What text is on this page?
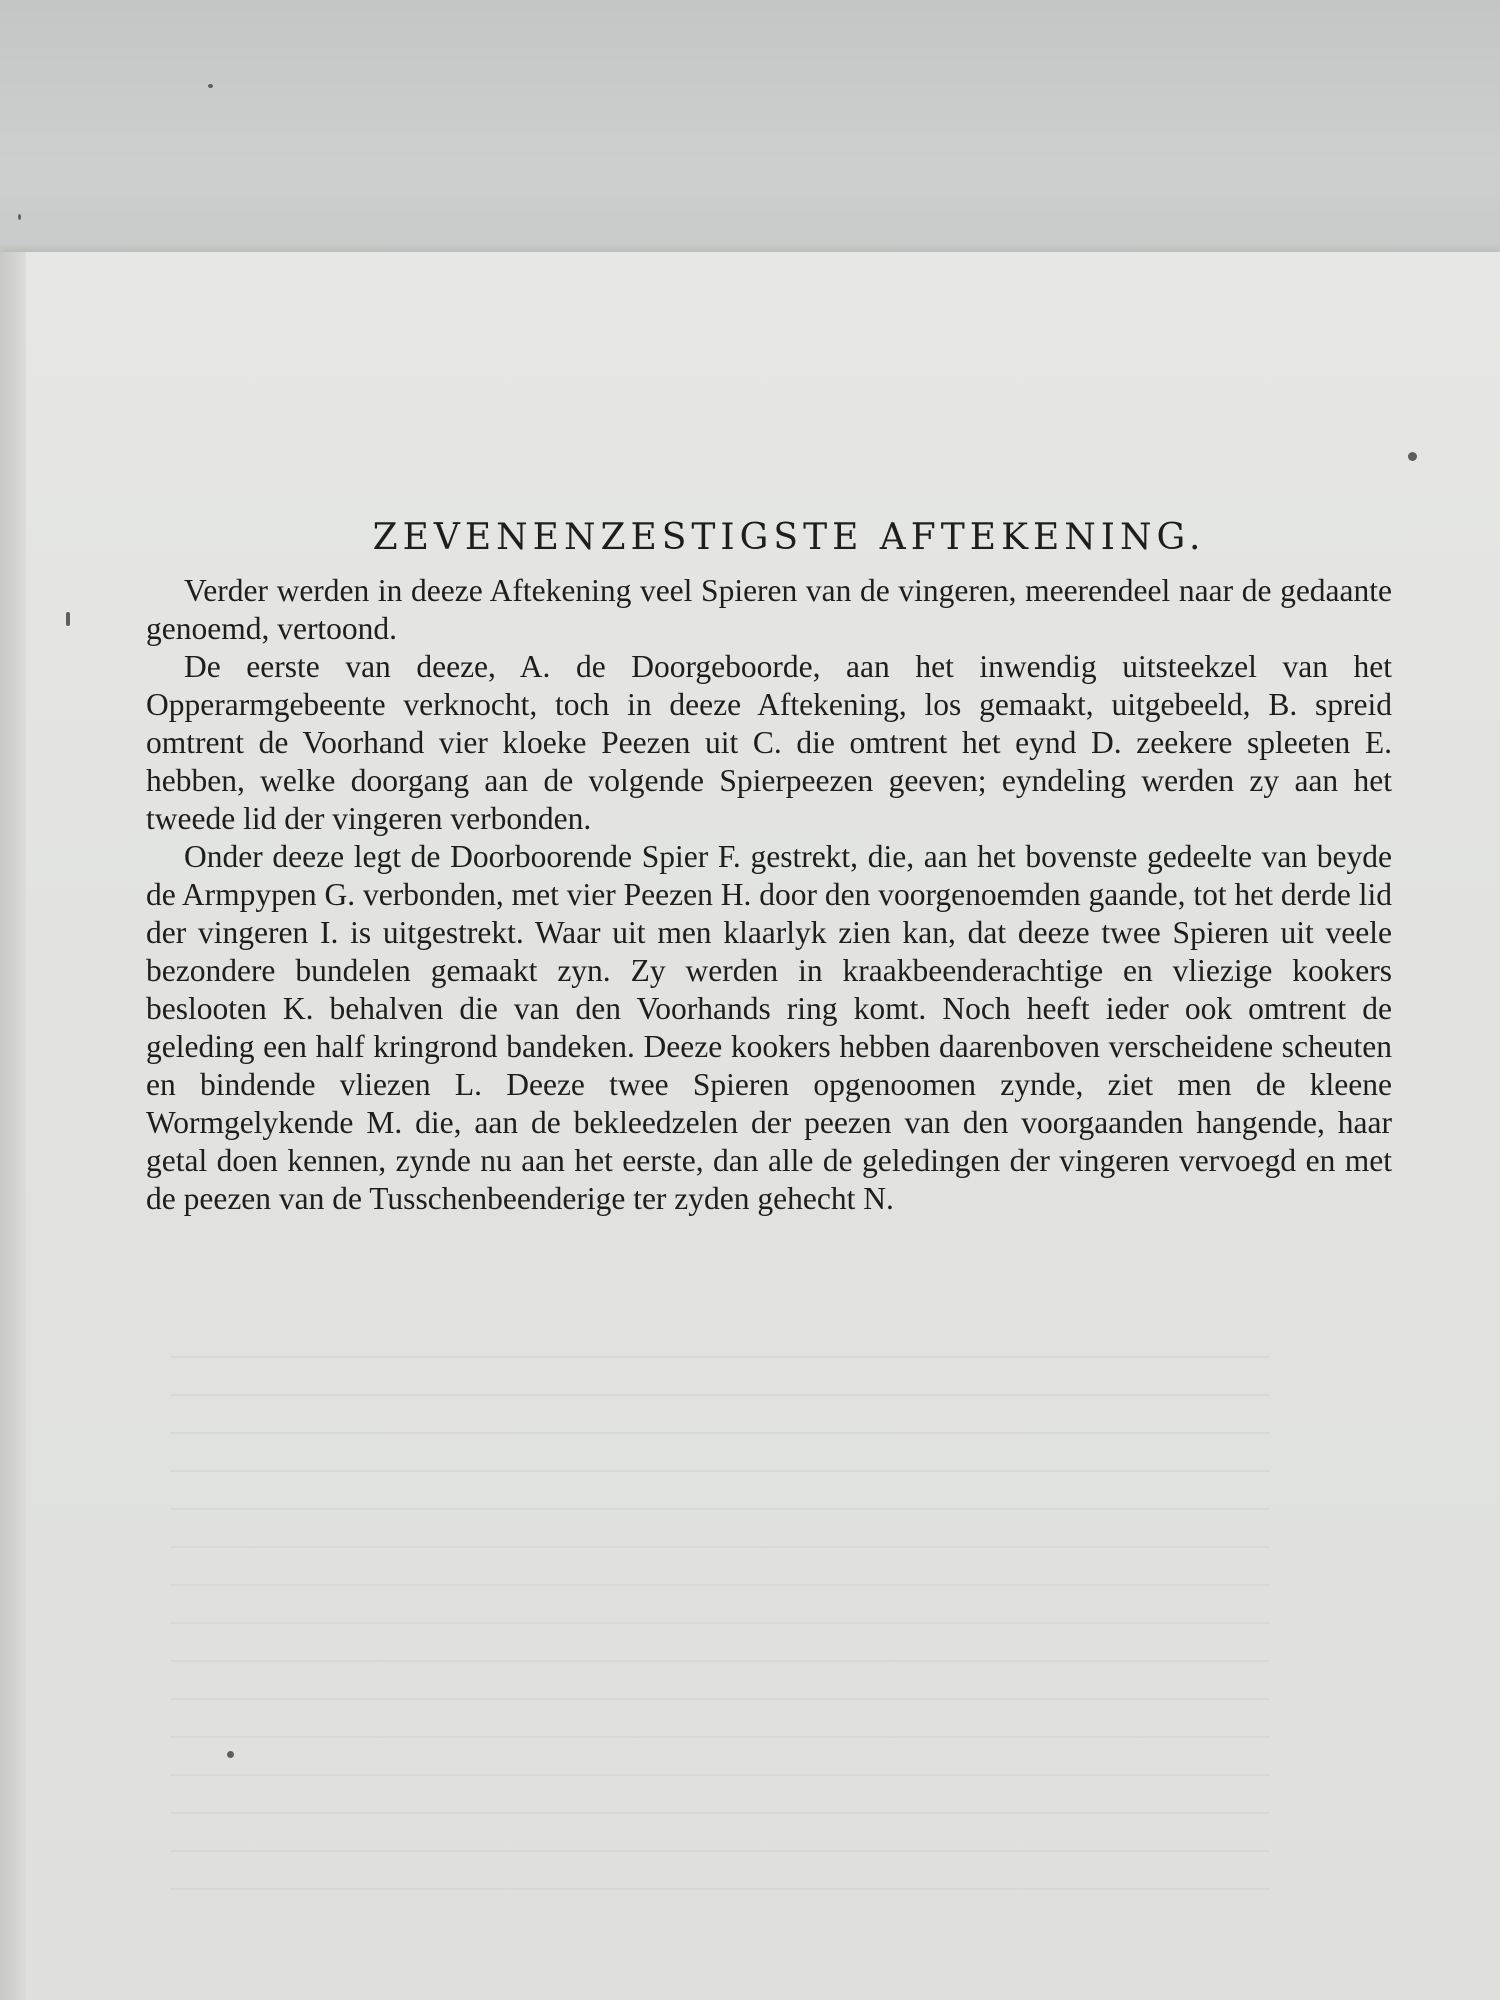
ZEVENENZESTIGSTE AFTEKENING.

Verder werden in deeze Aftekening veel Spieren van de vingeren, meerendeel naar de gedaante genoemd, vertoond.

De eerste van deeze, A. de Doorgeboorde, aan het inwendig uitsteekzel van het Opperarmgebeente verknocht, toch in deeze Aftekening, los gemaakt, uitgebeeld, B. spreid omtrent de Voorhand vier kloeke Peezen uit C. die omtrent het eynd D. zeekere spleeten E. hebben, welke doorgang aan de volgende Spierpeezen geeven; eyndeling werden zy aan het tweede lid der vingeren verbonden.

Onder deeze legt de Doorboorende Spier F. gestrekt, die, aan het bovenste gedeelte van beyde de Armpypen G. verbonden, met vier Peezen H. door den voorgenoemden gaande, tot het derde lid der vingeren I. is uitgestrekt. Waar uit men klaarlyk zien kan, dat deeze twee Spieren uit veele bezondere bundelen gemaakt zyn. Zy werden in kraakbeenderachtige en vliezige kookers beslooten K. behalven die van den Voorhands ring komt. Noch heeft ieder ook omtrent de geleding een half kringrond bandeken. Deeze kookers hebben daarenboven verscheidene scheuten en bindende vliezen L. Deeze twee Spieren opgenoomen zynde, ziet men de kleene Wormgelykende M. die, aan de bekleedzelen der peezen van den voorgaanden hangende, haar getal doen kennen, zynde nu aan het eerste, dan alle de geledingen der vingeren vervoegd en met de peezen van de Tusschenbeenderige ter zyden gehecht N.
